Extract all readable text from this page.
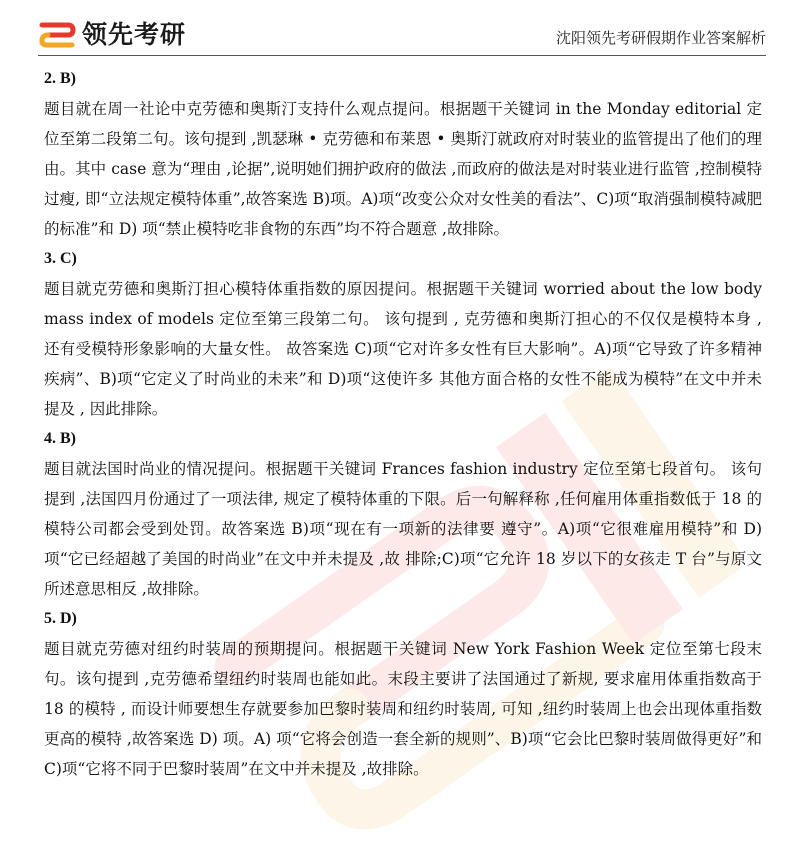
领先考研	沈阳领先考研假期作业答案解析
2. B)
题目就在周一社论中克劳德和奥斯汀支持什么观点提问。根据题干关键词 in the Monday editorial 定位至第二段第二句。该句提到 ,凯瑟琳 • 克劳德和布莱恩 • 奥斯汀就政府对时装业的监管提出了他们的理由。其中 case 意为“理由 ,论据”,说明她们拥护政府的做法 ,而政府的做法是对时装业进行监管 ,控制模特过瘦, 即“立法规定模特体重”,故答案选 B)项。A)项“改变公众对女性美的看法”、C)项“取消强制模特减肥的标准”和 D) 项“禁止模特吃非食物的东西”均不符合题意 ,故排除。
3. C)
题目就克劳德和奥斯汀担心模特体重指数的原因提问。根据题干关键词 worried about the low body mass index of models 定位至第三段第二句。 该句提到 , 克劳德和奥斯汀担心的不仅仅是模特本身 , 还有受模特形象影响的大量女性。 故答案选 C)项“它对许多女性有巨大影响”。A)项“它导致了许多精神疾病”、B)项“它定义了时尚业的未来”和 D)项“这使许多 其他方面合格的女性不能成为模特”在文中并未提及 , 因此排除。
4. B)
题目就法国时尚业的情况提问。根据题干关键词 Frances fashion industry 定位至第七段首句。 该句提到 ,法国四月份通过了一项法律, 规定了模特体重的下限。后一句解释称 ,任何雇用体重指数低于 18 的模特公司都会受到处罚。故答案选 B)项“现在有一项新的法律要 遵守”。A)项“它很难雇用模特”和 D) 项“它已经超越了美国的时尚业”在文中并未提及 ,故 排除;C)项“它允许 18 岁以下的女孩走 T 台”与原文所述意思相反 ,故排除。
5. D)
题目就克劳德对纽约时装周的预期提问。根据题干关键词 New York Fashion Week 定位至第七段末句。该句提到 ,克劳德希望纽约时装周也能如此。末段主要讲了法国通过了新规, 要求雇用体重指数高于 18 的模特 , 而设计师要想生存就要参加巴黎时装周和纽约时装周, 可知 ,纽约时装周上也会出现体重指数更高的模特 ,故答案选 D) 项。A) 项“它将会创造一套全新的规则”、B)项“它会比巴黎时装周做得更好”和 C)项“它将不同于巴黎时装周”在文中并未提及 ,故排除。
